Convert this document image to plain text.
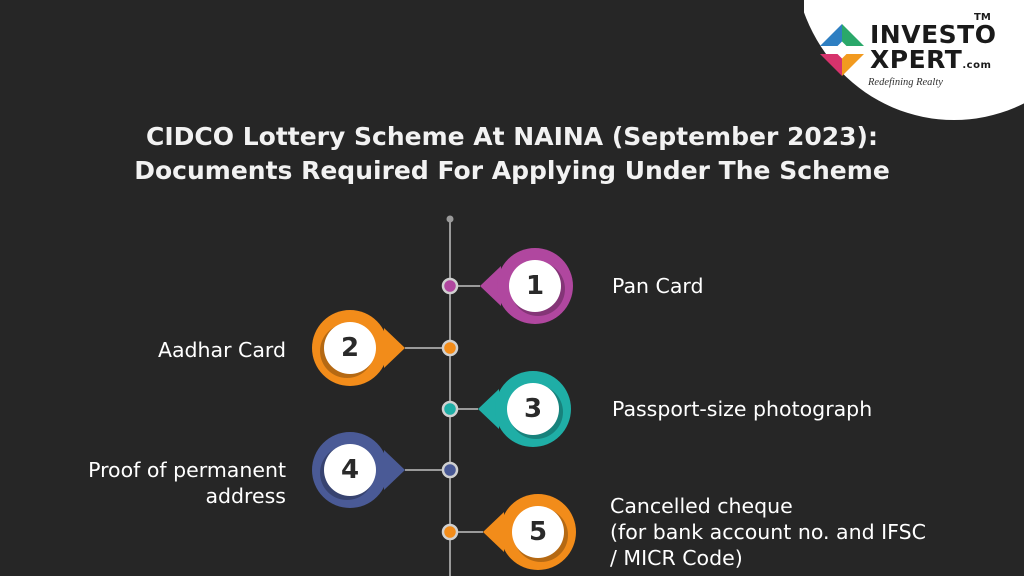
INVESTO
TM
XPERT.com
Redefining Realty
CIDCO Lottery Scheme At NAINA (September 2023):
Documents Required For Applying Under The Scheme
1	Pan Card
2
Aadhar Card
3	Passport-size photograph
4
Proof of permanent
address
5
Cancelled cheque
(for bank account no. and IFSC
/ MICR Code)
